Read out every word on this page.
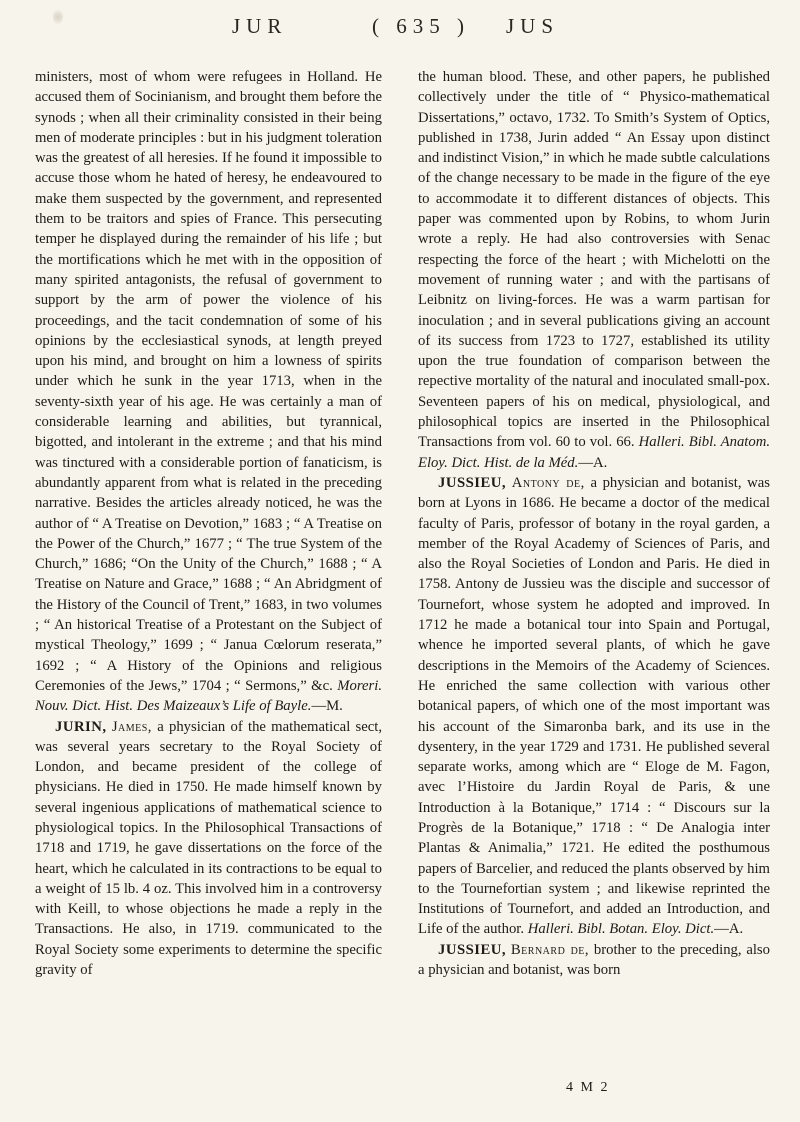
JUR	( 635 ) JUS

ministers, most of whom were refugees in Holland. He accused them of Socinianism, and brought them before the synods ; when all their criminality consisted in their being men of moderate principles : but in his judgment toleration was the greatest of all heresies. If he found it impossible to accuse those whom he hated of heresy, he endeavoured to make them suspected by the government, and represented them to be traitors and spies of France. This persecuting temper he displayed during the remainder of his life ; but the mortifications which he met with in the opposition of many spirited antagonists, the refusal of government to support by the arm of power the violence of his proceedings, and the tacit condemnation of some of his opinions by the ecclesiastical synods, at length preyed upon his mind, and brought on him a lowness of spirits under which he sunk in the year 1713, when in the seventy-sixth year of his age. He was certainly a man of considerable learning and abilities, but tyrannical, bigotted, and intolerant in the extreme ; and that his mind was tinctured with a considerable portion of fanaticism, is abundantly apparent from what is related in the preceding narrative. Besides the articles already noticed, he was the author of “ A Treatise on Devotion,” 1683 ; “ A Treatise on the Power of the Church,” 1677 ; “ The true System of the Church,” 1686; “On the Unity of the Church,” 1688 ; “ A Treatise on Nature and Grace,” 1688 ; “ An Abridgment of the History of the Council of Trent,” 1683, in two volumes ; “ An historical Treatise of a Protestant on the Subject of mystical Theology,” 1699 ; “ Janua Cœlorum reserata,” 1692 ; “ A History of the Opinions and religious Ceremonies of the Jews,” 1704 ; “ Sermons,” &c. Moreri. Nouv. Dict. Hist. Des Maizeaux’s Life of Bayle.—M.

JURIN, James, a physician of the mathematical sect, was several years secretary to the Royal Society of London, and became president of the college of physicians. He died in 1750. He made himself known by several ingenious applications of mathematical science to physiological topics. In the Philosophical Transactions of 1718 and 1719, he gave dissertations on the force of the heart, which he calculated in its contractions to be equal to a weight of 15 lb. 4 oz. This involved him in a controversy with Keill, to whose objections he made a reply in the Transactions. He also, in 1719. communicated to the Royal Society some experiments to determine the specific gravity of

the human blood. These, and other papers, he published collectively under the title of “ Physico-mathematical Dissertations,” octavo, 1732. To Smith’s System of Optics, published in 1738, Jurin added “ An Essay upon distinct and indistinct Vision,” in which he made subtle calculations of the change necessary to be made in the figure of the eye to accommodate it to different distances of objects. This paper was commented upon by Robins, to whom Jurin wrote a reply. He had also controversies with Senac respecting the force of the heart ; with Michelotti on the movement of running water ; and with the partisans of Leibnitz on living-forces. He was a warm partisan for inoculation ; and in several publications giving an account of its success from 1723 to 1727, established its utility upon the true foundation of comparison between the repective mortality of the natural and inoculated small-pox. Seventeen papers of his on medical, physiological, and philosophical topics are inserted in the Philosophical Transactions from vol. 60 to vol. 66. Halleri. Bibl. Anatom. Eloy. Dict. Hist. de la Méd.—A.

JUSSIEU, Antony de, a physician and botanist, was born at Lyons in 1686. He became a doctor of the medical faculty of Paris, professor of botany in the royal garden, a member of the Royal Academy of Sciences of Paris, and also the Royal Societies of London and Paris. He died in 1758. Antony de Jussieu was the disciple and successor of Tournefort, whose system he adopted and improved. In 1712 he made a botanical tour into Spain and Portugal, whence he imported several plants, of which he gave descriptions in the Memoirs of the Academy of Sciences. He enriched the same collection with various other botanical papers, of which one of the most important was his account of the Simaronba bark, and its use in the dysentery, in the year 1729 and 1731. He published several separate works, among which are “ Eloge de M. Fagon, avec l’Histoire du Jardin Royal de Paris, & une Introduction à la Botanique,” 1714 : “ Discours sur la Progrès de la Botanique,” 1718 : “ De Analogia inter Plantas & Animalia,” 1721. He edited the posthumous papers of Barcelier, and reduced the plants observed by him to the Tournefortian system ; and likewise reprinted the Institutions of Tournefort, and added an Introduction, and Life of the author. Halleri. Bibl. Botan. Eloy. Dict.—A.

JUSSIEU, Bernard de, brother to the preceding, also a physician and botanist, was born

4 M 2
